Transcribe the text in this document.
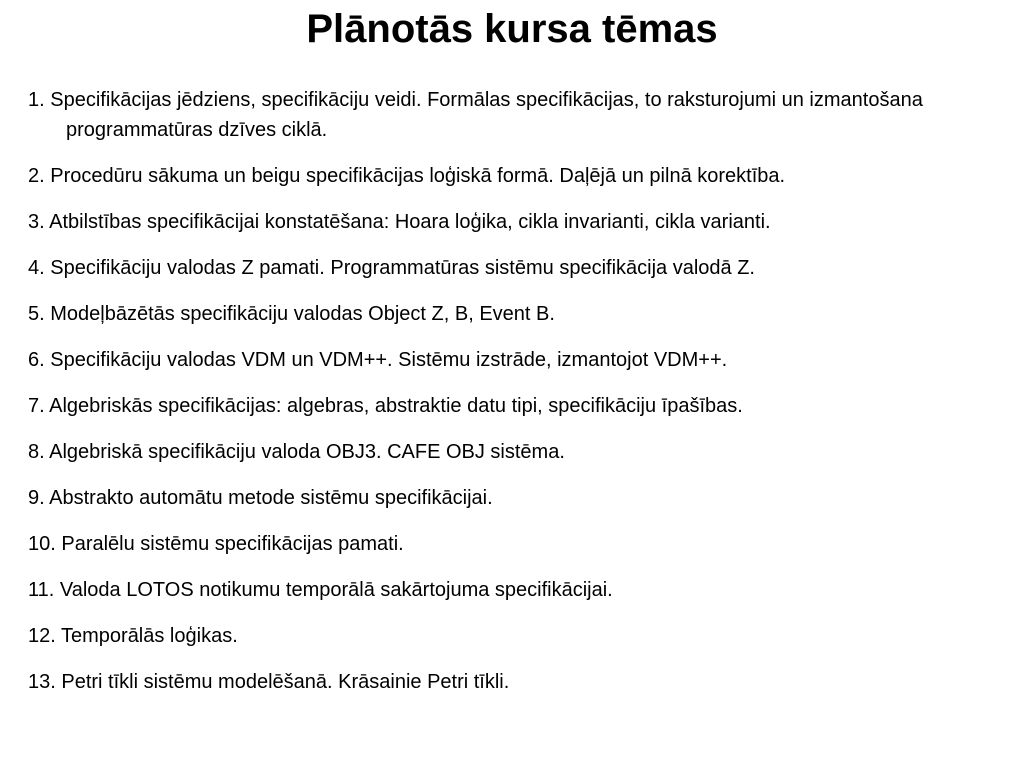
Plānotās kursa tēmas
1. Specifikācijas jēdziens, specifikāciju veidi. Formālas specifikācijas, to raksturojumi un izmantošana programmatūras dzīves ciklā.
2. Procedūru sākuma un beigu specifikācijas loģiskā formā. Daļējā un pilnā korektība.
3. Atbilstības specifikācijai konstatēšana: Hoara loģika, cikla invarianti, cikla varianti.
4. Specifikāciju valodas Z pamati. Programmatūras sistēmu specifikācija valodā Z.
5. Modeļbāzētās specifikāciju valodas Object Z, B, Event B.
6. Specifikāciju valodas VDM un VDM++. Sistēmu izstrāde, izmantojot VDM++.
7. Algebriskās specifikācijas: algebras, abstraktie datu tipi, specifikāciju īpašības.
8. Algebriskā specifikāciju valoda OBJ3. CAFE OBJ sistēma.
9. Abstrakto automātu metode sistēmu specifikācijai.
10. Paralēlu sistēmu specifikācijas pamati.
11. Valoda LOTOS notikumu temporālā sakārtojuma specifikācijai.
12. Temporālās loģikas.
13. Petri tīkli sistēmu modelēšanā. Krāsainie Petri tīkli.
